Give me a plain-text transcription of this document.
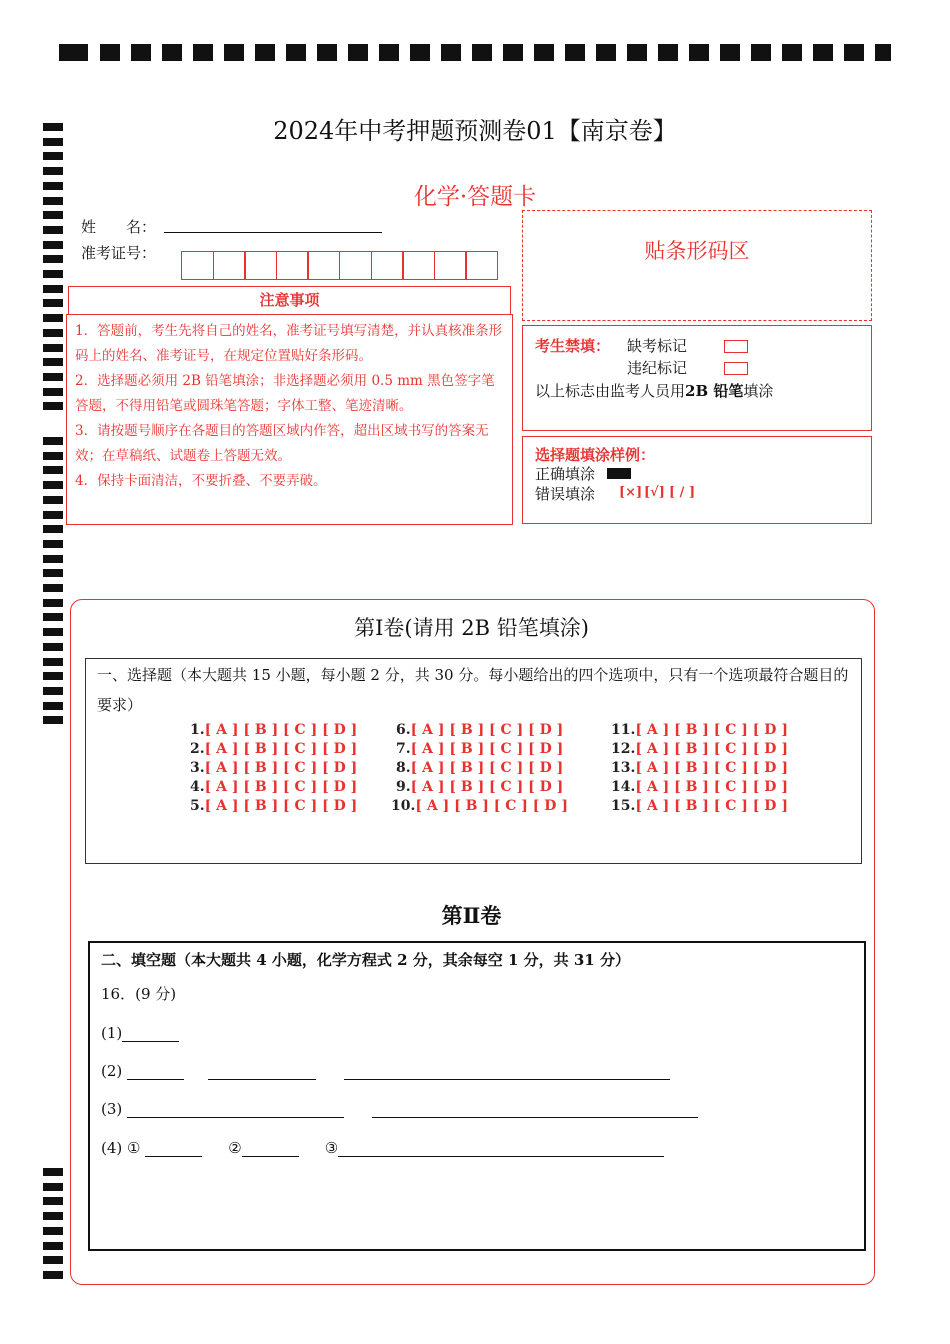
2024年中考押题预测卷01【南京卷】
化学·答题卡
姓　　名：
准考证号：
注意事项

1．答题前，考生先将自己的姓名，准考证号填写清楚，并认真核准条形码上的姓名、准考证号，在规定位置贴好条形码。

2．选择题必须用 2B 铅笔填涂；非选择题必须用 0.5 mm 黑色签字笔答题，不得用铅笔或圆珠笔答题；字体工整、笔迹清晰。

3．请按题号顺序在各题目的答题区域内作答，超出区域书写的答案无效；在草稿纸、试题卷上答题无效。

4．保持卡面清洁，不要折叠、不要弄破。

贴条形码区
考生禁填： 缺考标记
违纪标记
以上标志由监考人员用2B 铅笔填涂
选择题填涂样例：
正确填涂
错误填涂 [×] [√] [ / ]
第Ⅰ卷(请用 2B 铅笔填涂)
一、选择题（本大题共 15 小题，每小题 2 分，共 30 分。每小题给出的四个选项中，只有一个选项最符合题目的要求）
1.[ A ] [ B ] [ C ] [ D ]
2.[ A ] [ B ] [ C ] [ D ]
3.[ A ] [ B ] [ C ] [ D ]
4.[ A ] [ B ] [ C ] [ D ]
5.[ A ] [ B ] [ C ] [ D ]
6.[ A ] [ B ] [ C ] [ D ]
7.[ A ] [ B ] [ C ] [ D ]
8.[ A ] [ B ] [ C ] [ D ]
9.[ A ] [ B ] [ C ] [ D ]
10.[ A ] [ B ] [ C ] [ D ]
11.[ A ] [ B ] [ C ] [ D ]
12.[ A ] [ B ] [ C ] [ D ]
13.[ A ] [ B ] [ C ] [ D ]
14.[ A ] [ B ] [ C ] [ D ]
15.[ A ] [ B ] [ C ] [ D ]
第Ⅱ卷
二、填空题（本大题共 4 小题，化学方程式 2 分，其余每空 1 分，共 31 分）
16．(9 分)
(1)
(2)
(3)
(4) ①	②	③
